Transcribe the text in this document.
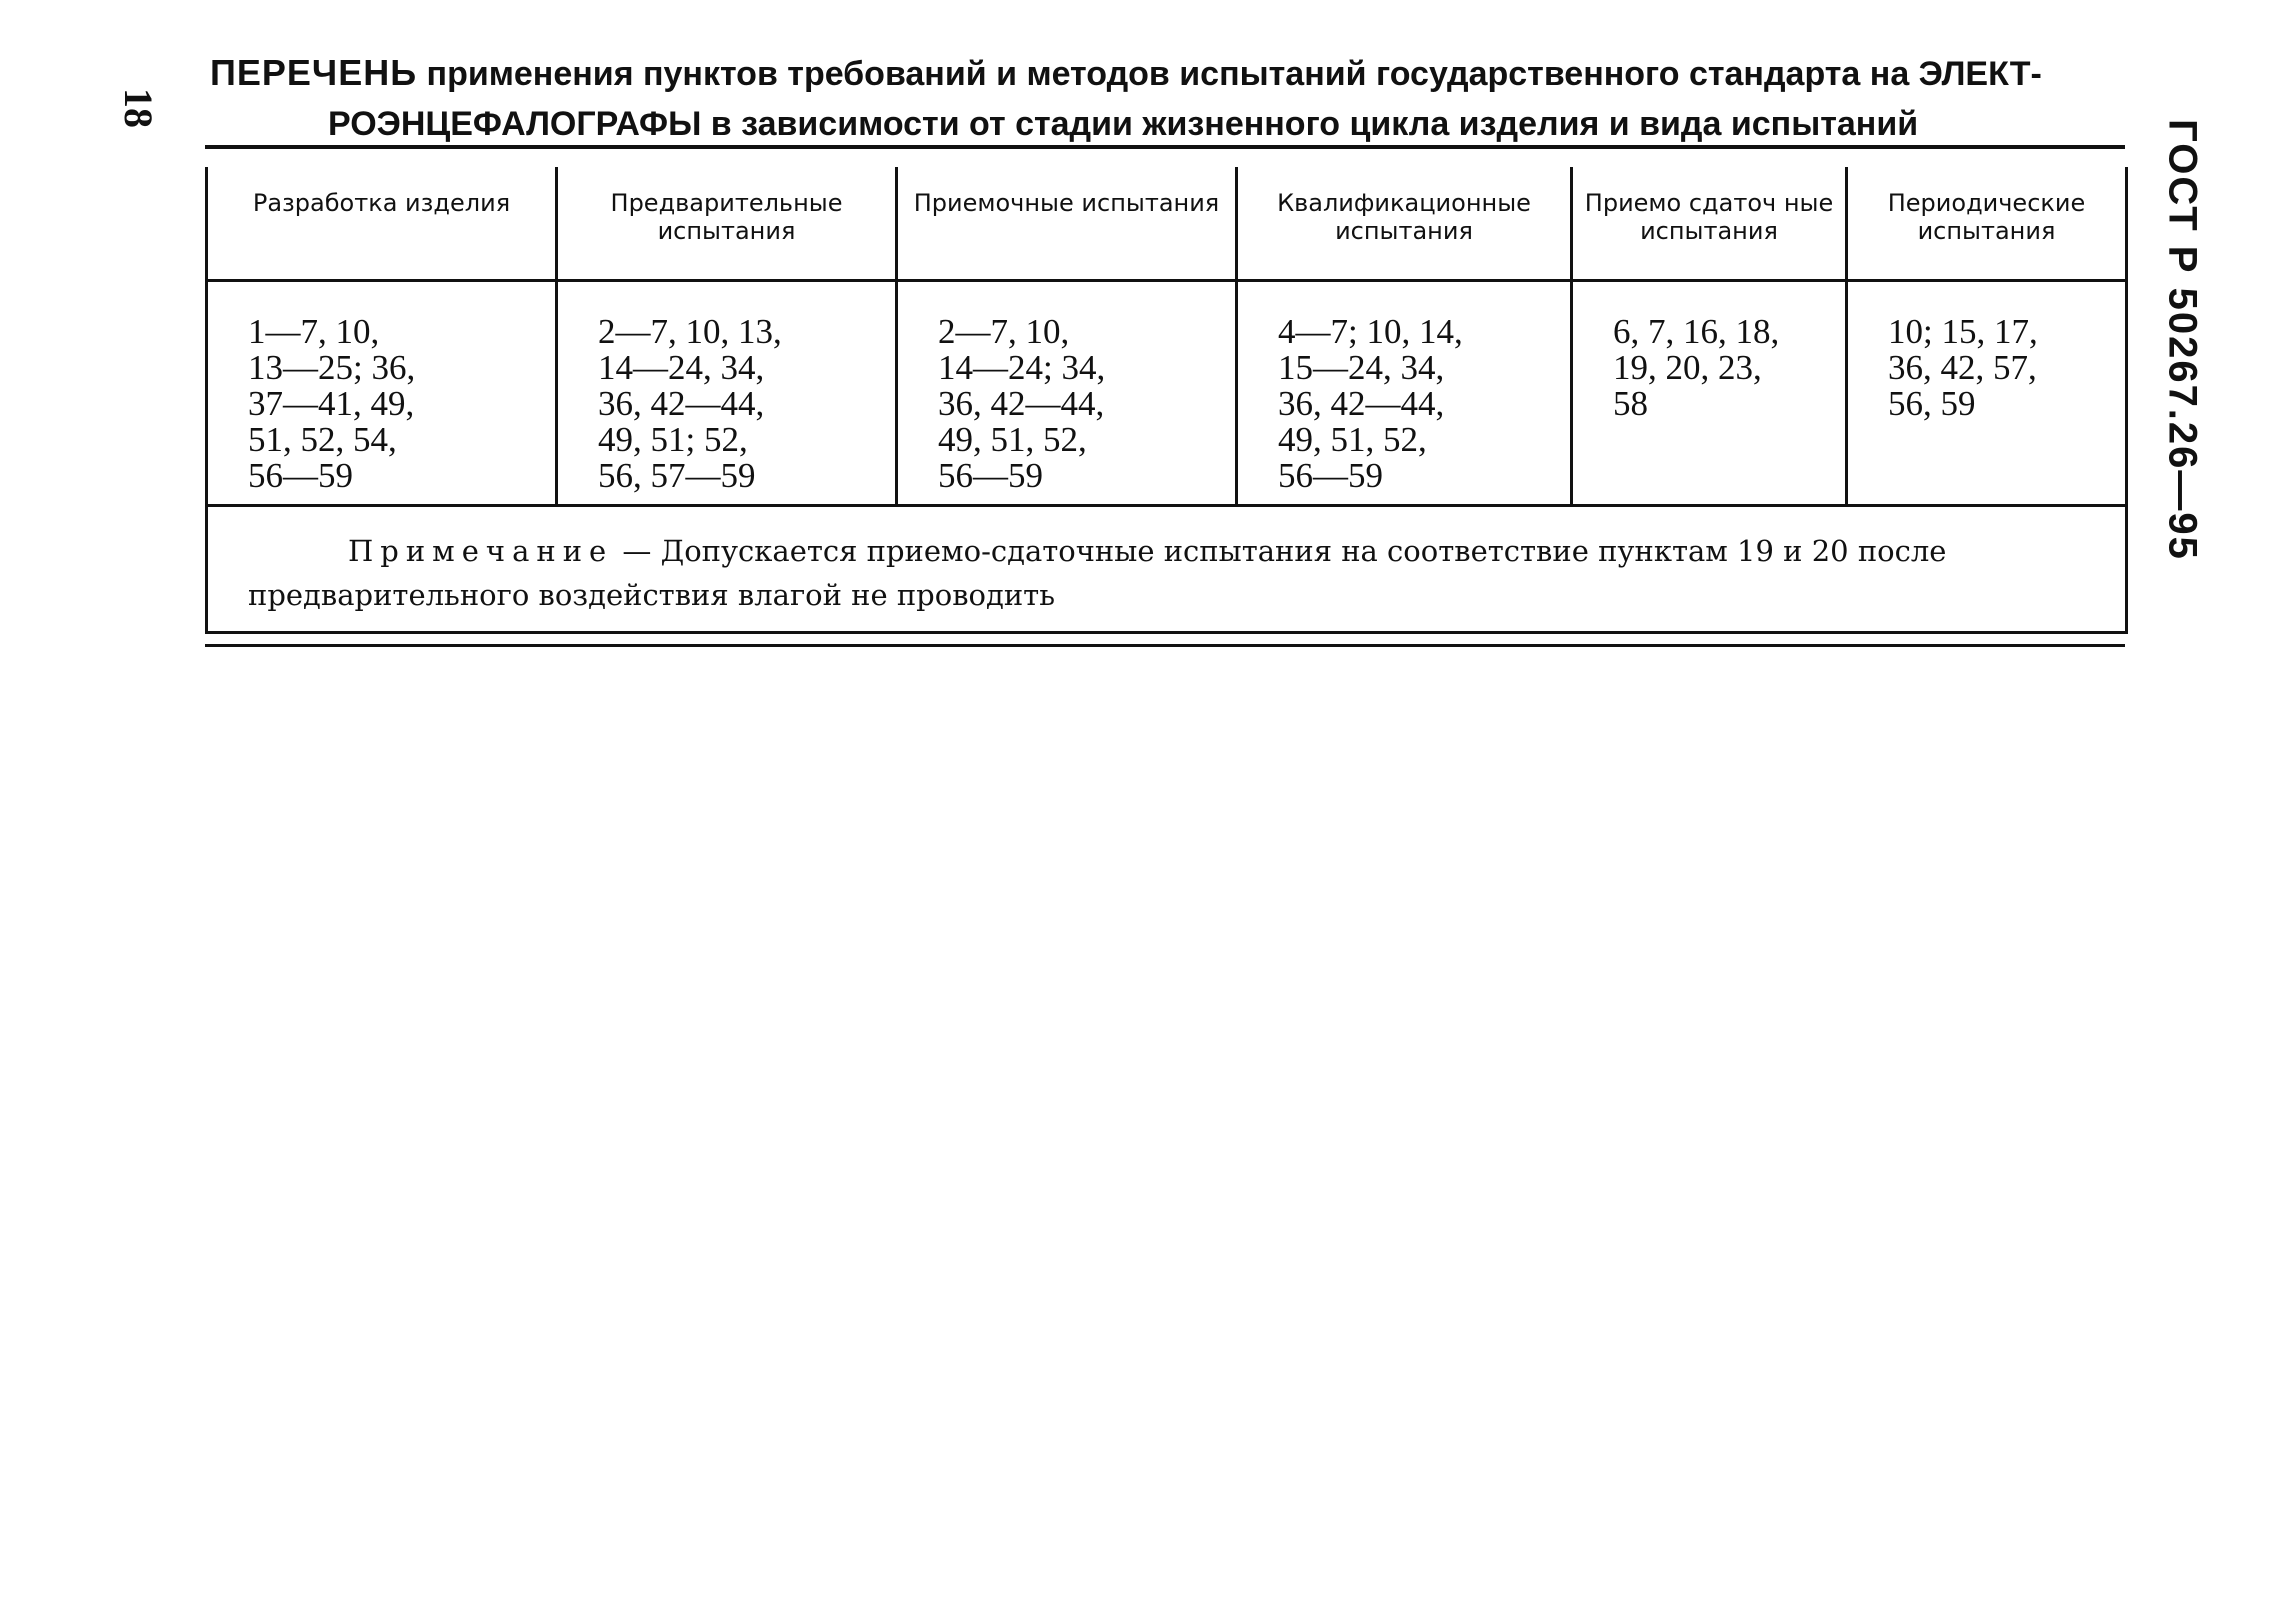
18
ГОСТ Р 50267.26—95
ПЕРЕЧЕНЬ применения пунктов требований и методов испытаний государственного стандарта на ЭЛЕКТ-
РОЭНЦЕФАЛОГРАФЫ в зависимости от стадии жизненного цикла изделия и вида испытаний
Разработка изделия	Предварительные испытания	Приемочные испытания	Квалификационные испытания	Приемо сдаточ ные испытания	Периодические испытания
1—7, 10,
13—25; 36,
37—41, 49,
51, 52, 54,
56—59	2—7, 10, 13,
14—24, 34,
36, 42—44,
49, 51; 52,
56, 57—59	2—7, 10,
14—24; 34,
36, 42—44,
49, 51, 52,
56—59	4—7; 10, 14,
15—24, 34,
36, 42—44,
49, 51, 52,
56—59	6, 7, 16, 18,
19, 20, 23,
58	10; 15, 17,
36, 42, 57,
56, 59
Примечание — Допускается приемо-сдаточные испытания на соответствие пунктам 19 и 20 после предварительного воздействия влагой не проводить					
